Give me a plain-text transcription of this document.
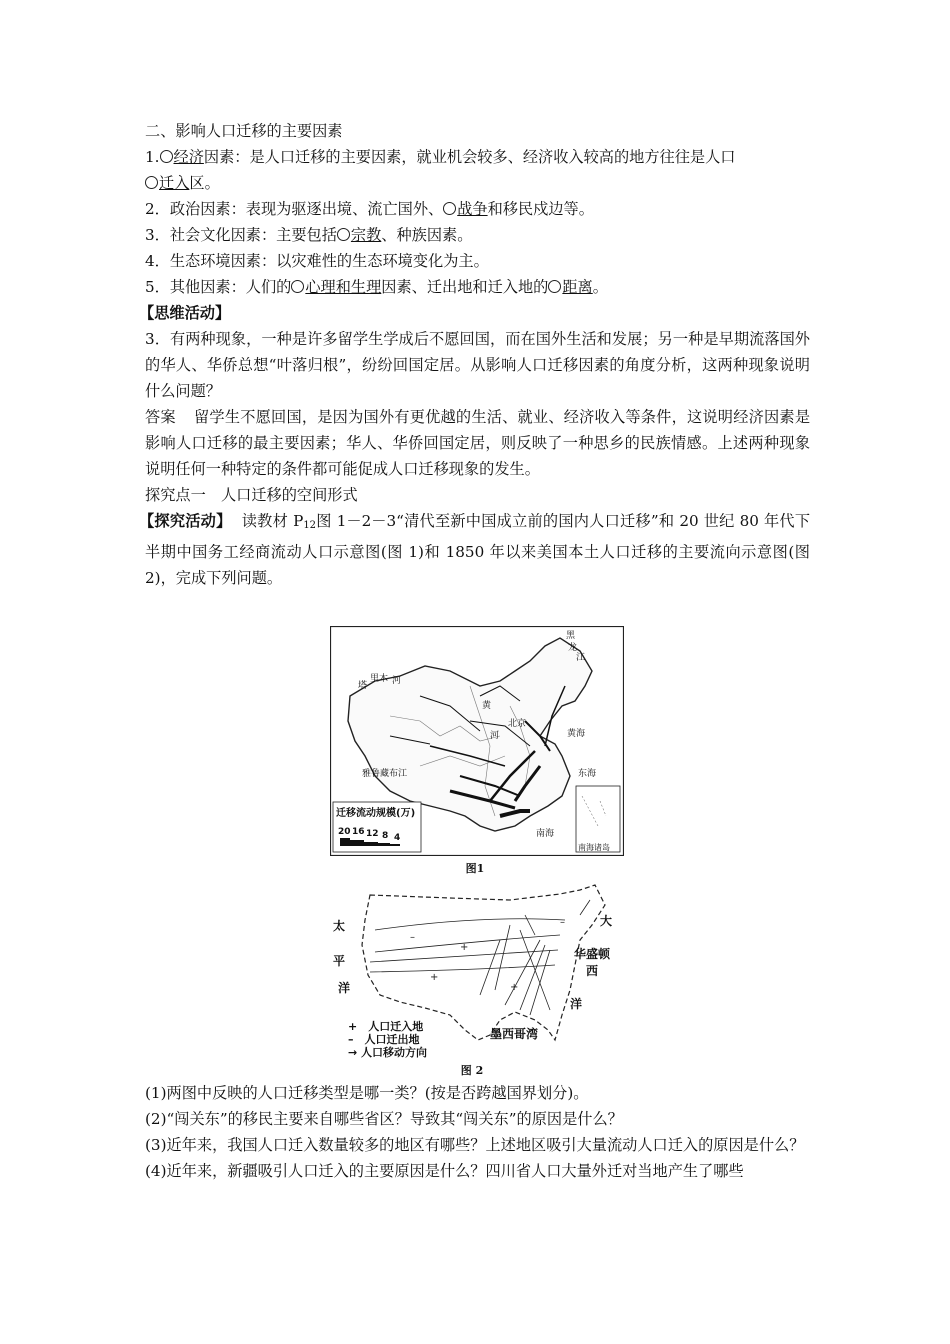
二、影响人口迁移的主要因素
1. 经济因素：是人口迁移的主要因素，就业机会较多、经济收入较高的地方往往是人口
迁入区。
2．政治因素：表现为驱逐出境、流亡国外、 战争和移民戍边等。
3．社会文化因素：主要包括 宗教、种族因素。
4．生态环境因素：以灾难性的生态环境变化为主。
5．其他因素：人们的 心理和生理因素、迁出地和迁入地的 距离。
【思维活动】
3．有两种现象，一种是许多留学生学成后不愿回国，而在国外生活和发展；另一种是早期流落国外的华人、华侨总想“叶落归根”，纷纷回国定居。从影响人口迁移因素的角度分析，这两种现象说明什么问题？
答案 留学生不愿回国，是因为国外有更优越的生活、就业、经济收入等条件，这说明经济因素是影响人口迁移的最主要因素；华人、华侨回国定居，则反映了一种思乡的民族情感。上述两种现象说明任何一种特定的条件都可能促成人口迁移现象的发生。
探究点一　人口迁移的空间形式
【探究活动】 读教材 $P_{12}$图 1－2－3“清代至新中国成立前的国内人口迁移”和 20 世纪 80 年代下半期中国务工经商流动人口示意图(图 1)和 1850 年以来美国本土人口迁移的主要流向示意图(图 2)，完成下列问题。
黑
龙
江
塔
里木 河
雅鲁藏布江
黄海
东海
南海
南海诸岛
北京
黄
河
迁移流动规模(万)
20 16 12 8 4
图1
+
+
+
–
–
太
平
洋
大
华盛顿
西
洋
墨西哥湾
+　人口迁入地
–　人口迁出地
→ 人口移动方向
图 2
(1)两图中反映的人口迁移类型是哪一类？(按是否跨越国界划分)。
(2)“闯关东”的移民主要来自哪些省区？导致其“闯关东”的原因是什么？
(3)近年来，我国人口迁入数量较多的地区有哪些？上述地区吸引大量流动人口迁入的原因是什么？
(4)近年来，新疆吸引人口迁入的主要原因是什么？四川省人口大量外迁对当地产生了哪些
